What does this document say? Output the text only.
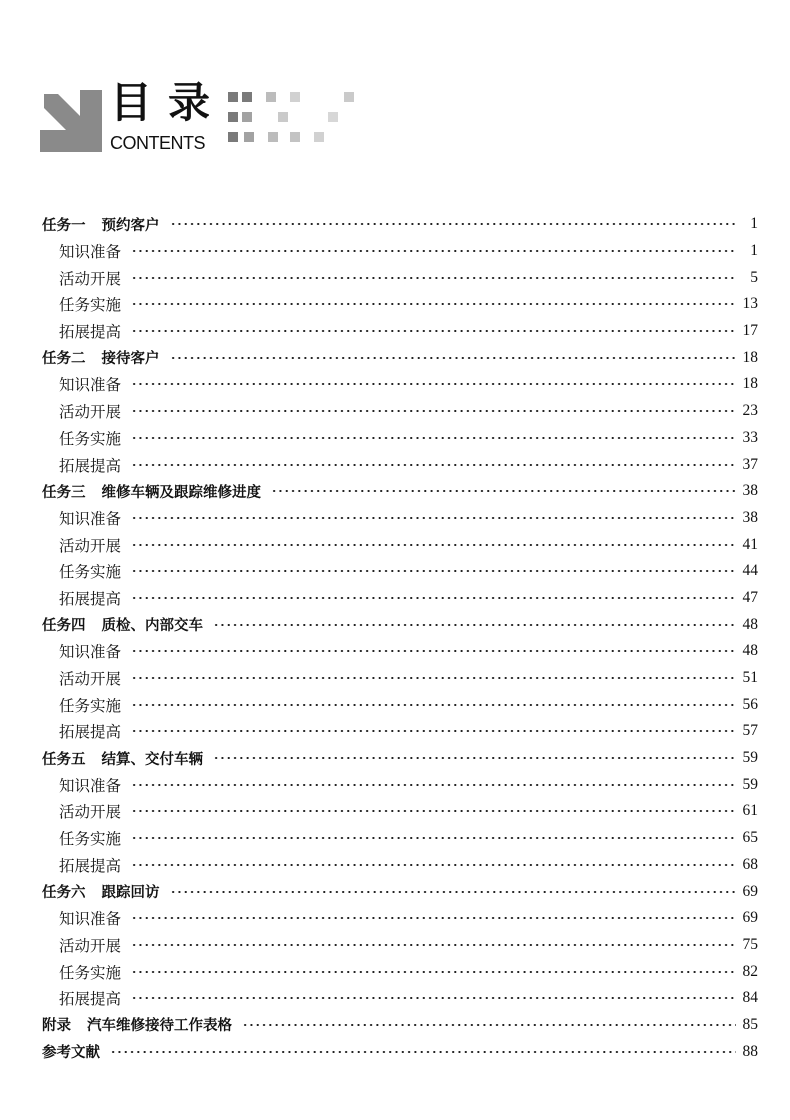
目录
CONTENTS
任务一 预约客户	1
知识准备	1
活动开展	5
任务实施	13
拓展提高	17
任务二 接待客户	18
知识准备	18
活动开展	23
任务实施	33
拓展提高	37
任务三 维修车辆及跟踪维修进度	38
知识准备	38
活动开展	41
任务实施	44
拓展提高	47
任务四 质检、内部交车	48
知识准备	48
活动开展	51
任务实施	56
拓展提高	57
任务五 结算、交付车辆	59
知识准备	59
活动开展	61
任务实施	65
拓展提高	68
任务六 跟踪回访	69
知识准备	69
活动开展	75
任务实施	82
拓展提高	84
附录 汽车维修接待工作表格	85
参考文献	88
